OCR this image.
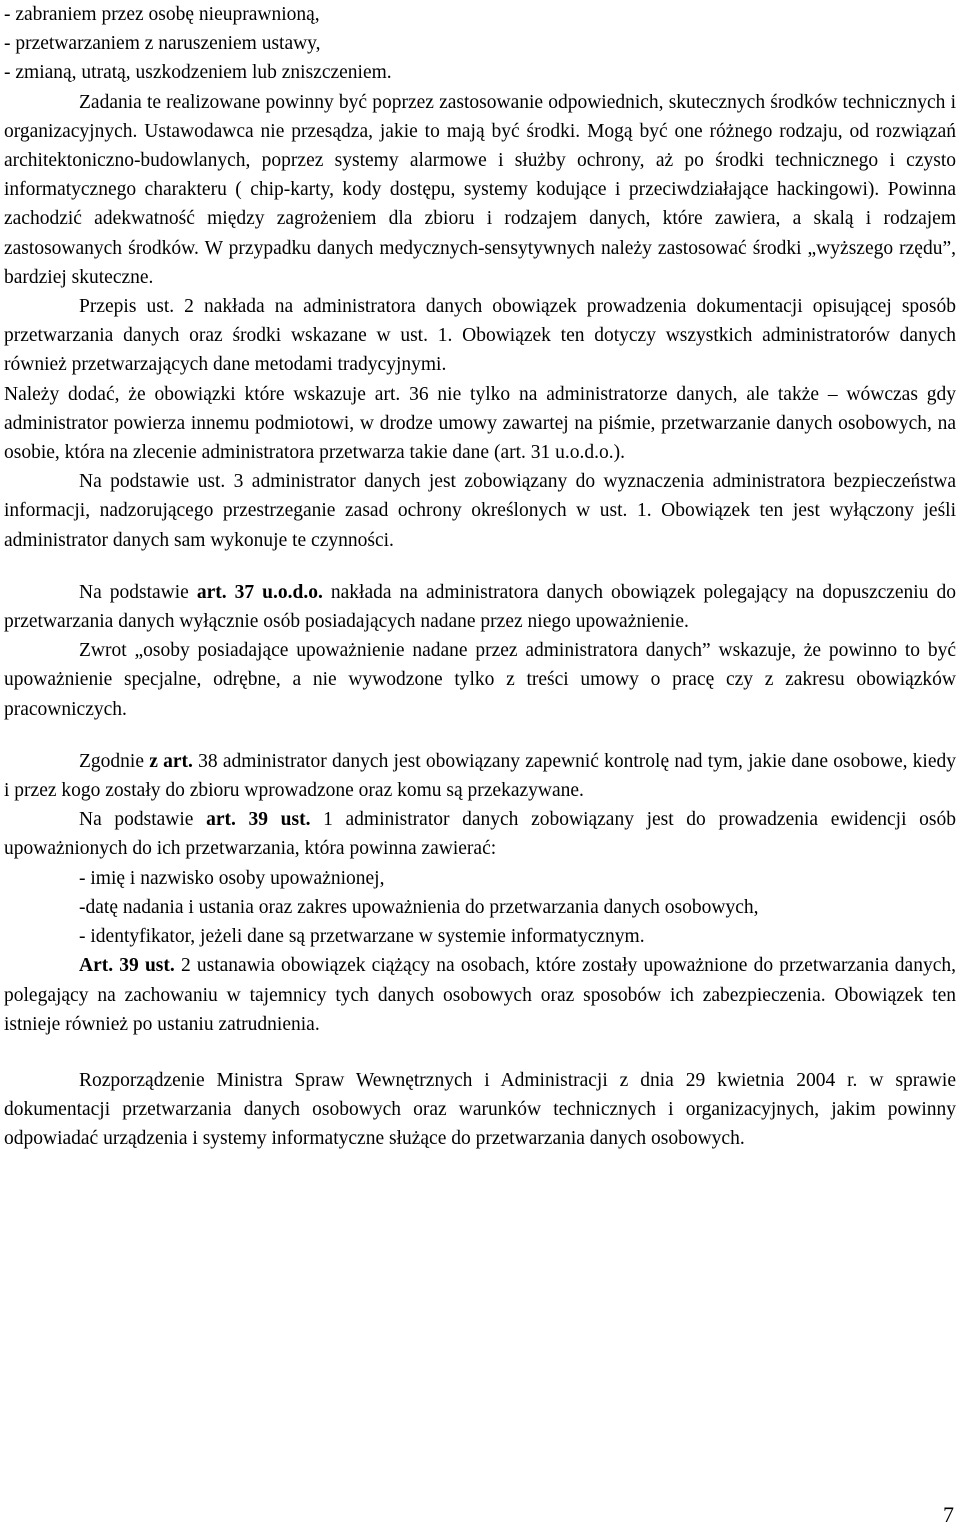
- zabraniem przez osobę nieuprawnioną,

- przetwarzaniem z naruszeniem ustawy,

- zmianą, utratą, uszkodzeniem lub zniszczeniem.

Zadania te realizowane powinny być poprzez zastosowanie odpowiednich, skutecznych środków technicznych i organizacyjnych. Ustawodawca nie przesądza, jakie to mają być środki. Mogą być one różnego rodzaju, od rozwiązań architektoniczno-budowlanych, poprzez systemy alarmowe i służby ochrony, aż po środki technicznego i czysto informatycznego charakteru ( chip-karty, kody dostępu, systemy kodujące i przeciwdziałające hackingowi). Powinna zachodzić adekwatność między zagrożeniem dla zbioru i rodzajem danych, które zawiera, a skalą i rodzajem zastosowanych środków. W przypadku danych medycznych-sensytywnych należy zastosować środki „wyższego rzędu”, bardziej skuteczne.

Przepis ust. 2 nakłada na administratora danych obowiązek prowadzenia dokumentacji opisującej sposób przetwarzania danych oraz środki wskazane w ust. 1. Obowiązek ten dotyczy wszystkich administratorów danych również przetwarzających dane metodami tradycyjnymi.

Należy dodać, że obowiązki które wskazuje art. 36 nie tylko na administratorze danych, ale także – wówczas gdy administrator powierza innemu podmiotowi, w drodze umowy zawartej na piśmie, przetwarzanie danych osobowych, na osobie, która na zlecenie administratora przetwarza takie dane (art. 31 u.o.d.o.).

Na podstawie ust. 3 administrator danych jest zobowiązany do wyznaczenia administratora bezpieczeństwa informacji, nadzorującego przestrzeganie zasad ochrony określonych w ust. 1. Obowiązek ten jest wyłączony jeśli administrator danych sam wykonuje te czynności.

Na podstawie art. 37 u.o.d.o. nakłada na administratora danych obowiązek polegający na dopuszczeniu do przetwarzania danych wyłącznie osób posiadających nadane przez niego upoważnienie.

Zwrot „osoby posiadające upoważnienie nadane przez administratora danych” wskazuje, że powinno to być upoważnienie specjalne, odrębne, a nie wywodzone tylko z treści umowy o pracę czy z zakresu obowiązków pracowniczych.

Zgodnie z art. 38 administrator danych jest obowiązany zapewnić kontrolę nad tym, jakie dane osobowe, kiedy i przez kogo zostały do zbioru wprowadzone oraz komu są przekazywane.

Na podstawie art. 39 ust. 1 administrator danych zobowiązany jest do prowadzenia ewidencji osób upoważnionych do ich przetwarzania, która powinna zawierać:

- imię i nazwisko osoby upoważnionej,

-datę nadania i ustania oraz zakres upoważnienia do przetwarzania danych osobowych,

- identyfikator, jeżeli dane są przetwarzane w systemie informatycznym.

Art. 39 ust. 2 ustanawia obowiązek ciążący na osobach, które zostały upoważnione do przetwarzania danych, polegający na zachowaniu w tajemnicy tych danych osobowych oraz sposobów ich zabezpieczenia. Obowiązek ten istnieje również po ustaniu zatrudnienia.

Rozporządzenie Ministra Spraw Wewnętrznych i Administracji z dnia 29 kwietnia 2004 r. w sprawie dokumentacji przetwarzania danych osobowych oraz warunków technicznych i organizacyjnych, jakim powinny odpowiadać urządzenia i systemy informatyczne służące do przetwarzania danych osobowych.

7
